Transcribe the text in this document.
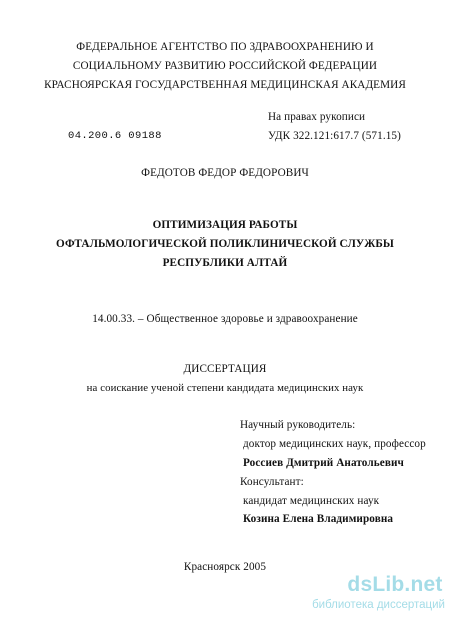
ФЕДЕРАЛЬНОЕ АГЕНТСТВО ПО ЗДРАВООХРАНЕНИЮ И
СОЦИАЛЬНОМУ РАЗВИТИЮ РОССИЙСКОЙ ФЕДЕРАЦИИ
КРАСНОЯРСКАЯ ГОСУДАРСТВЕННАЯ МЕДИЦИНСКАЯ АКАДЕМИЯ
На правах рукописи
УДК 322.121:617.7 (571.15)
04.200.6 09188
ФЕДОТОВ ФЕДОР ФЕДОРОВИЧ
ОПТИМИЗАЦИЯ РАБОТЫ
ОФТАЛЬМОЛОГИЧЕСКОЙ ПОЛИКЛИНИЧЕСКОЙ СЛУЖБЫ
РЕСПУБЛИКИ АЛТАЙ
14.00.33. – Общественное здоровье и здравоохранение
ДИССЕРТАЦИЯ
на соискание ученой степени кандидата медицинских наук
Научный руководитель:
доктор медицинских наук, профессор
Россиев Дмитрий Анатольевич
Консультант:
кандидат медицинских наук
Козина Елена Владимировна
Красноярск 2005
dsLib.net
библиотека диссертаций
